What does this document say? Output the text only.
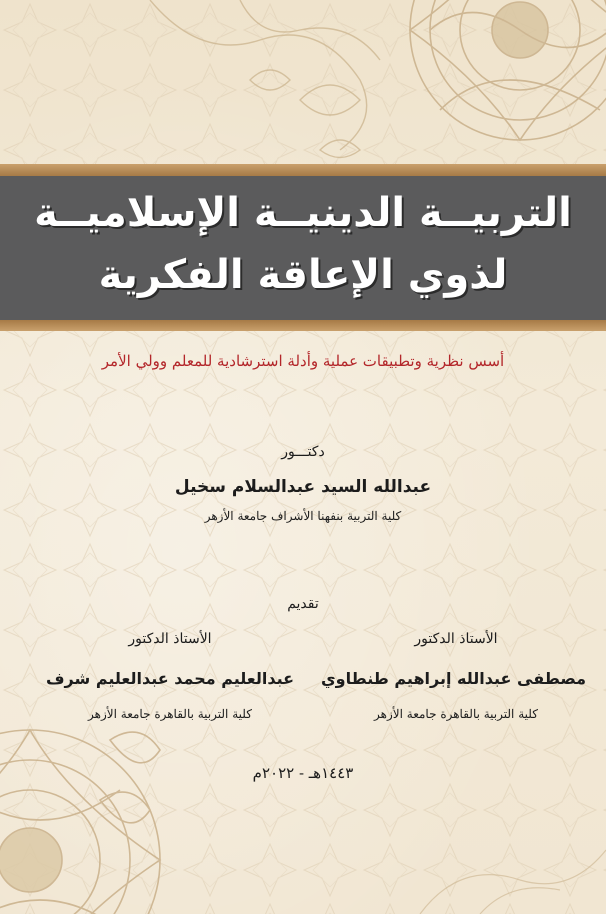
التربيــة الدينيــة الإسلاميــة
لذوي الإعاقة الفكرية
أسس نظرية وتطبيقات عملية وأدلة استرشادية للمعلم وولي الأمر
دكتـــور
عبدالله السيد عبدالسلام سخيل
كلية التربية بنفهنا الأشراف جامعة الأزهر
تقديم
الأستاذ الدكتور
مصطفى عبدالله إبراهيم طنطاوي
كلية التربية بالقاهرة جامعة الأزهر
الأستاذ الدكتور
عبدالعليم محمد عبدالعليم شرف
كلية التربية بالقاهرة جامعة الأزهر
١٤٤٣هـ - ٢٠٢٢م
